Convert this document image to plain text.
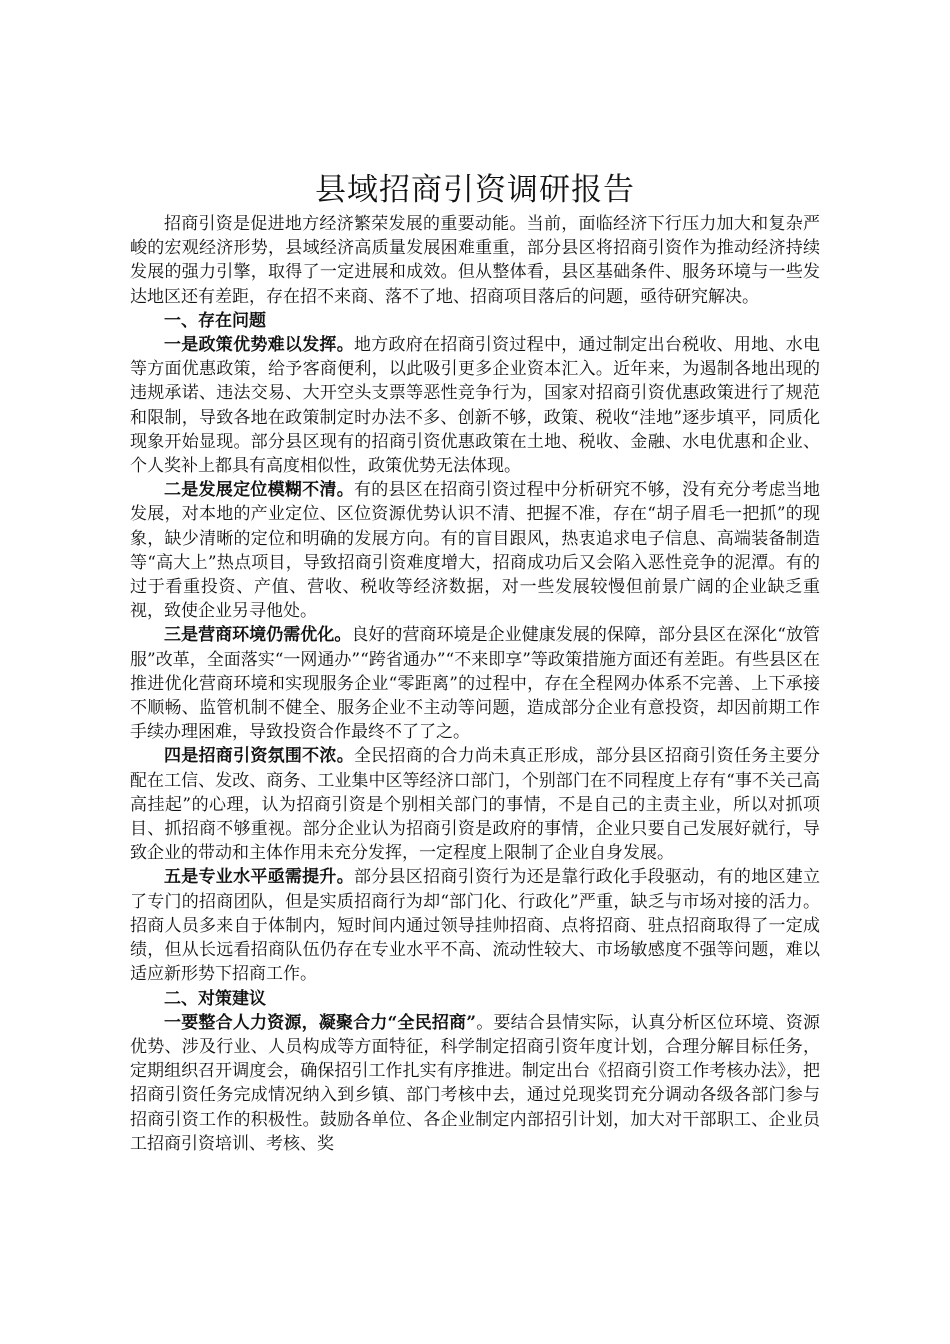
县域招商引资调研报告

招商引资是促进地方经济繁荣发展的重要动能。当前，面临经济下行压力加大和复杂严峻的宏观经济形势，县域经济高质量发展困难重重，部分县区将招商引资作为推动经济持续发展的强力引擎，取得了一定进展和成效。但从整体看，县区基础条件、服务环境与一些发达地区还有差距，存在招不来商、落不了地、招商项目落后的问题，亟待研究解决。

一、存在问题

一是政策优势难以发挥。地方政府在招商引资过程中，通过制定出台税收、用地、水电等方面优惠政策，给予客商便利，以此吸引更多企业资本汇入。近年来，为遏制各地出现的违规承诺、违法交易、大开空头支票等恶性竞争行为，国家对招商引资优惠政策进行了规范和限制，导致各地在政策制定时办法不多、创新不够，政策、税收“洼地”逐步填平，同质化现象开始显现。部分县区现有的招商引资优惠政策在土地、税收、金融、水电优惠和企业、个人奖补上都具有高度相似性，政策优势无法体现。

二是发展定位模糊不清。有的县区在招商引资过程中分析研究不够，没有充分考虑当地发展，对本地的产业定位、区位资源优势认识不清、把握不准，存在“胡子眉毛一把抓”的现象，缺少清晰的定位和明确的发展方向。有的盲目跟风，热衷追求电子信息、高端装备制造等“高大上”热点项目，导致招商引资难度增大，招商成功后又会陷入恶性竞争的泥潭。有的过于看重投资、产值、营收、税收等经济数据，对一些发展较慢但前景广阔的企业缺乏重视，致使企业另寻他处。

三是营商环境仍需优化。良好的营商环境是企业健康发展的保障，部分县区在深化“放管服”改革，全面落实“一网通办”“跨省通办”“不来即享”等政策措施方面还有差距。有些县区在推进优化营商环境和实现服务企业“零距离”的过程中，存在全程网办体系不完善、上下承接不顺畅、监管机制不健全、服务企业不主动等问题，造成部分企业有意投资，却因前期工作手续办理困难，导致投资合作最终不了了之。

四是招商引资氛围不浓。全民招商的合力尚未真正形成，部分县区招商引资任务主要分配在工信、发改、商务、工业集中区等经济口部门，个别部门在不同程度上存有“事不关己高高挂起”的心理，认为招商引资是个别相关部门的事情，不是自己的主责主业，所以对抓项目、抓招商不够重视。部分企业认为招商引资是政府的事情，企业只要自己发展好就行，导致企业的带动和主体作用未充分发挥，一定程度上限制了企业自身发展。

五是专业水平亟需提升。部分县区招商引资行为还是靠行政化手段驱动，有的地区建立了专门的招商团队，但是实质招商行为却“部门化、行政化”严重，缺乏与市场对接的活力。招商人员多来自于体制内，短时间内通过领导挂帅招商、点将招商、驻点招商取得了一定成绩，但从长远看招商队伍仍存在专业水平不高、流动性较大、市场敏感度不强等问题，难以适应新形势下招商工作。

二、对策建议

一要整合人力资源，凝聚合力“全民招商”。要结合县情实际，认真分析区位环境、资源优势、涉及行业、人员构成等方面特征，科学制定招商引资年度计划，合理分解目标任务，定期组织召开调度会，确保招引工作扎实有序推进。制定出台《招商引资工作考核办法》，把招商引资任务完成情况纳入到乡镇、部门考核中去，通过兑现奖罚充分调动各级各部门参与招商引资工作的积极性。鼓励各单位、各企业制定内部招引计划，加大对干部职工、企业员工招商引资培训、考核、奖
